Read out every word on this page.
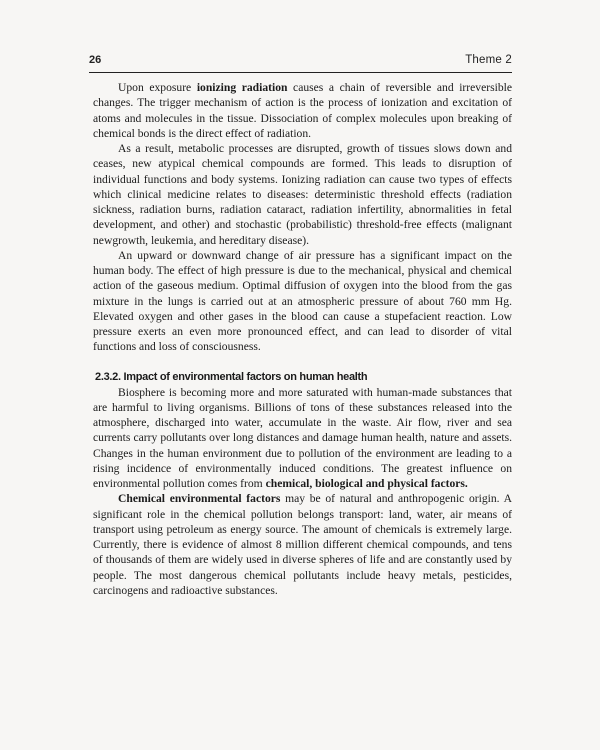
26	Theme 2

Upon exposure ionizing radiation causes a chain of reversible and irreversible changes. The trigger mechanism of action is the process of ionization and excitation of atoms and molecules in the tissue. Dissociation of complex molecules upon breaking of chemical bonds is the direct effect of radiation.

As a result, metabolic processes are disrupted, growth of tissues slows down and ceases, new atypical chemical compounds are formed. This leads to disruption of individual functions and body systems. Ionizing radiation can cause two types of effects which clinical medicine relates to diseases: deterministic threshold effects (radiation sickness, radiation burns, radiation cataract, radiation infertility, abnormalities in fetal development, and other) and stochastic (probabilistic) threshold-free effects (malignant newgrowth, leukemia, and hereditary disease).

An upward or downward change of air pressure has a significant impact on the human body. The effect of high pressure is due to the mechanical, physical and chemical action of the gaseous medium. Optimal diffusion of oxygen into the blood from the gas mixture in the lungs is carried out at an atmospheric pressure of about 760 mm Hg. Elevated oxygen and other gases in the blood can cause a stupefacient reaction. Low pressure exerts an even more pronounced effect, and can lead to disorder of vital functions and loss of consciousness.

2.3.2. Impact of environmental factors on human health

Biosphere is becoming more and more saturated with human-made substances that are harmful to living organisms. Billions of tons of these substances released into the atmosphere, discharged into water, accumulate in the waste. Air flow, river and sea currents carry pollutants over long distances and damage human health, nature and assets. Changes in the human environment due to pollution of the environment are leading to a rising incidence of environmentally induced conditions. The greatest influence on environmental pollution comes from chemical, biological and physical factors.

Chemical environmental factors may be of natural and anthropogenic origin. A significant role in the chemical pollution belongs transport: land, water, air means of transport using petroleum as energy source. The amount of chemicals is extremely large. Currently, there is evidence of almost 8 million different chemical compounds, and tens of thousands of them are widely used in diverse spheres of life and are constantly used by people. The most dangerous chemical pollutants include heavy metals, pesticides, carcinogens and radioactive substances.
